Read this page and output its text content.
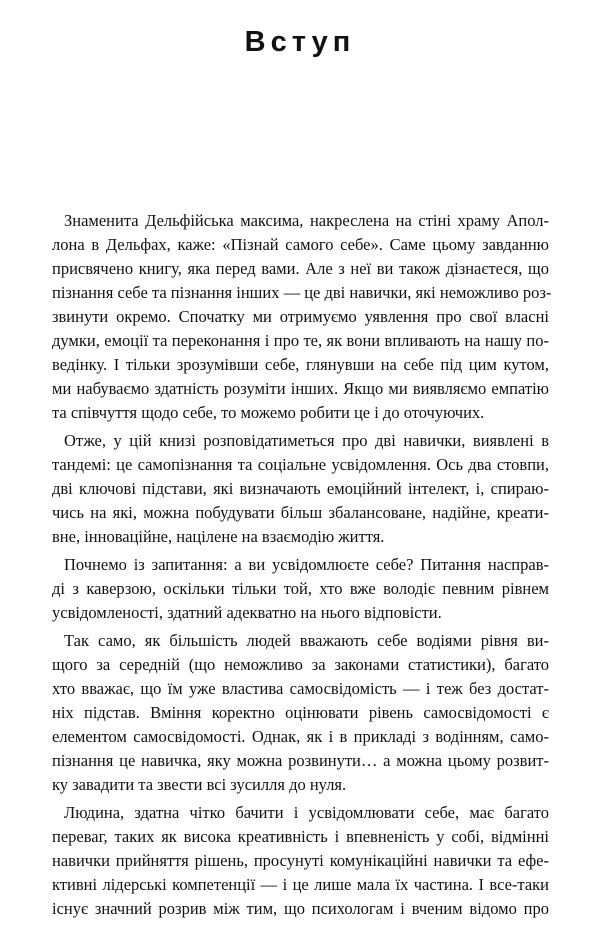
Вступ
Знаменита Дельфійська максима, накреслена на стіні храму Апол-
лона в Дельфах, каже: «Пізнай самого себе». Саме цьому завданню
присвячено книгу, яка перед вами. Але з неї ви також дізнаєтеся, що
пізнання себе та пізнання інших — це дві навички, які неможливо роз-
звинути окремо. Спочатку ми отримуємо уявлення про свої власні
думки, емоції та переконання і про те, як вони впливають на нашу по-
ведінку. І тільки зрозумівши себе, глянувши на себе під цим кутом,
ми набуваємо здатність розуміти інших. Якщо ми виявляємо емпатію
та співчуття щодо себе, то можемо робити це і до оточуючих.
Отже, у цій книзі розповідатиметься про дві навички, виявлені в
тандемі: це самопізнання та соціальне усвідомлення. Ось два стовпи,
дві ключові підстави, які визначають емоційний інтелект, і, спираю-
чись на які, можна побудувати більш збалансоване, надійне, креати-
вне, інноваційне, націлене на взаємодію життя.
Почнемо із запитання: а ви усвідомлюєте себе? Питання насправ-
ді з каверзою, оскільки тільки той, хто вже володіє певним рівнем
усвідомленості, здатний адекватно на нього відповісти.
Так само, як більшість людей вважають себе водіями рівня ви-
щого за середній (що неможливо за законами статистики), багато
хто вважає, що їм уже властива самосвідомість — і теж без достат-
ніх підстав. Вміння коректно оцінювати рівень самосвідомості є
елементом самосвідомості. Однак, як і в прикладі з водінням, само-
пізнання це навичка, яку можна розвинути… а можна цьому розвит-
ку завадити та звести всі зусилля до нуля.
Людина, здатна чітко бачити і усвідомлювати себе, має багато
переваг, таких як висока креативність і впевненість у собі, відмінні
навички прийняття рішень, просунуті комунікаційні навички та ефе-
ктивні лідерські компетенції — і це лише мала їх частина. І все-таки
існує значний розрив між тим, що психологам і вченим відомо про
